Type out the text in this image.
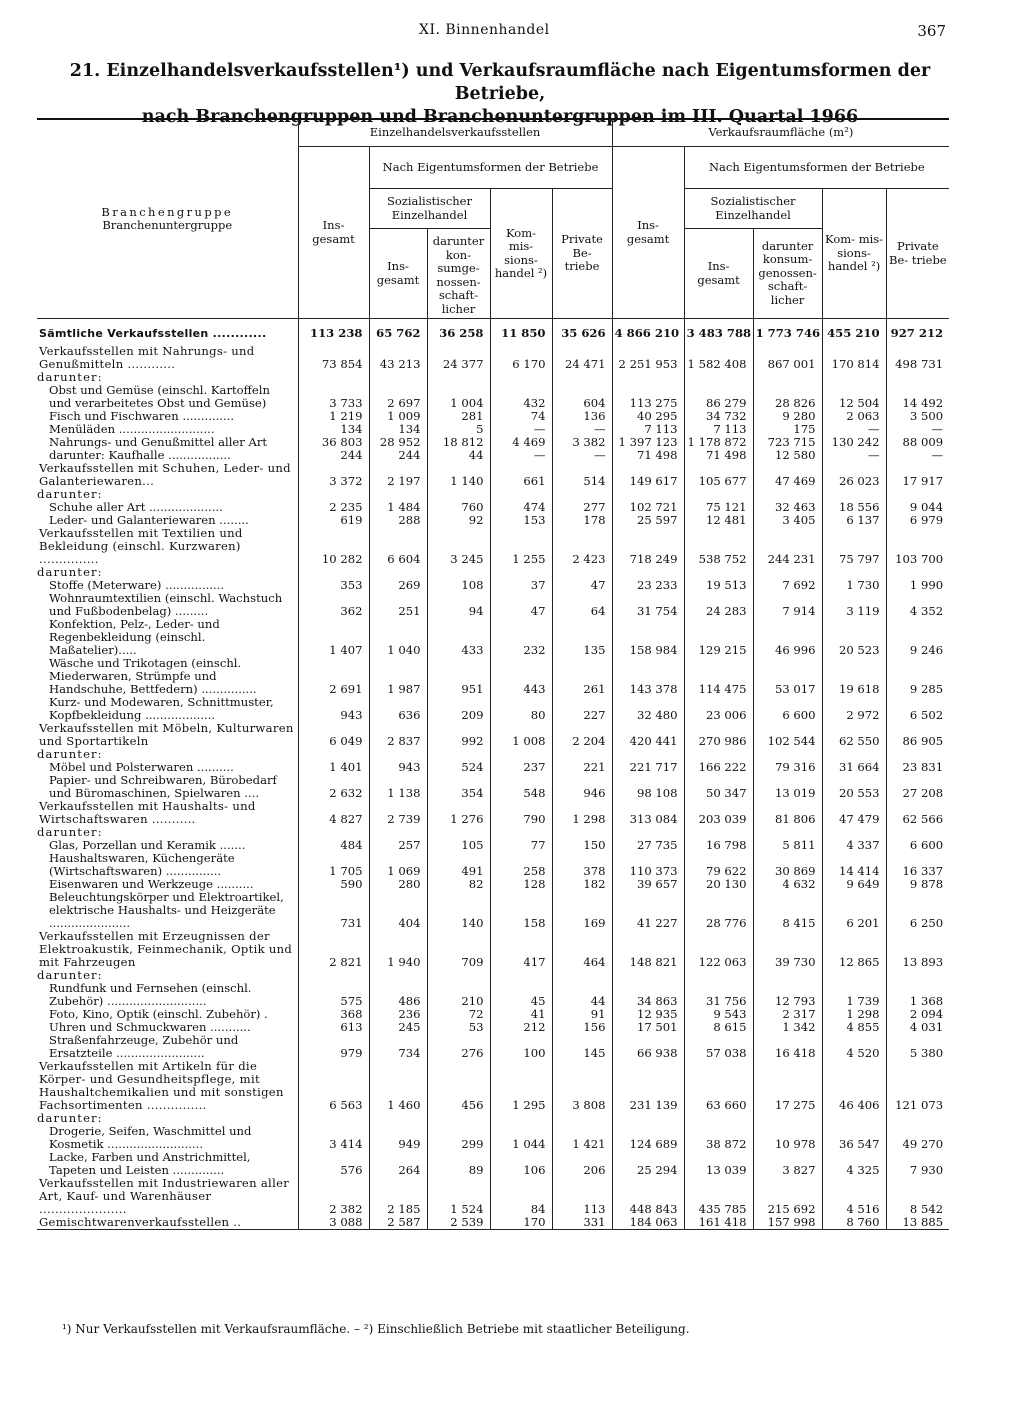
XI. Binnenhandel	367
21. Einzelhandelsverkaufsstellen¹) und Verkaufsraumfläche nach Eigentumsformen der Betriebe,
nach Branchengruppen und Branchenuntergruppen im III. Quartal 1966
Branchengruppe
Branchenuntergruppe	Einzelhandelsverkaufsstellen					Verkaufsraumfläche (m²)				
	Ins- gesamt	Nach Eigentumsformen der Betriebe				Ins- gesamt	Nach Eigentumsformen der Betriebe			
		Sozialistischer Einzelhandel		Kom- mis- sions- handel ²)	Private Be- triebe		Sozialistischer Einzelhandel		Kom- mis- sions- handel ²)	Private Be- triebe
		Ins- gesamt	darunter kon- sumge- nossen- schaft- licher				Ins- gesamt	darunter konsum- genossen- schaft- licher		
Sämtliche Verkaufsstellen ............	113 238	65 762	36 258	11 850	35 626	4 866 210	3 483 788	1 773 746	455 210	927 212
Verkaufsstellen mit Nahrungs- und Genußmitteln ............	73 854	43 213	24 377	6 170	24 471	2 251 953	1 582 408	867 001	170 814	498 731
darunter:										
Obst und Gemüse (einschl. Kartoffeln und verarbeitetes Obst und Gemüse)	3 733	2 697	1 004	432	604	113 275	86 279	28 826	12 504	14 492
Fisch und Fischwaren ..............	1 219	1 009	281	74	136	40 295	34 732	9 280	2 063	3 500
Menüläden ..........................	134	134	5	—	—	7 113	7 113	175	—	—
Nahrungs- und Genußmittel aller Art	36 803	28 952	18 812	4 469	3 382	1 397 123	1 178 872	723 715	130 242	88 009
darunter: Kaufhalle .................	244	244	44	—	—	71 498	71 498	12 580	—	—
Verkaufsstellen mit Schuhen, Leder- und Galanteriewaren...	3 372	2 197	1 140	661	514	149 617	105 677	47 469	26 023	17 917
darunter:										
Schuhe aller Art ....................	2 235	1 484	760	474	277	102 721	75 121	32 463	18 556	9 044
Leder- und Galanteriewaren ........	619	288	92	153	178	25 597	12 481	3 405	6 137	6 979
Verkaufsstellen mit Textilien und Bekleidung (einschl. Kurzwaren) ...............	10 282	6 604	3 245	1 255	2 423	718 249	538 752	244 231	75 797	103 700
darunter:										
Stoffe (Meterware) ................	353	269	108	37	47	23 233	19 513	7 692	1 730	1 990
Wohnraumtextilien (einschl. Wachstuch und Fußbodenbelag) .........	362	251	94	47	64	31 754	24 283	7 914	3 119	4 352
Konfektion, Pelz-, Leder- und Regenbekleidung (einschl. Maßatelier).....	1 407	1 040	433	232	135	158 984	129 215	46 996	20 523	9 246
Wäsche und Trikotagen (einschl. Miederwaren, Strümpfe und Handschuhe, Bettfedern) ...............	2 691	1 987	951	443	261	143 378	114 475	53 017	19 618	9 285
Kurz- und Modewaren, Schnittmuster, Kopfbekleidung ...................	943	636	209	80	227	32 480	23 006	6 600	2 972	6 502
Verkaufsstellen mit Möbeln, Kulturwaren und Sportartikeln	6 049	2 837	992	1 008	2 204	420 441	270 986	102 544	62 550	86 905
darunter:										
Möbel und Polsterwaren ..........	1 401	943	524	237	221	221 717	166 222	79 316	31 664	23 831
Papier- und Schreibwaren, Bürobedarf und Büromaschinen, Spielwaren ....	2 632	1 138	354	548	946	98 108	50 347	13 019	20 553	27 208
Verkaufsstellen mit Haushalts- und Wirtschaftswaren ...........	4 827	2 739	1 276	790	1 298	313 084	203 039	81 806	47 479	62 566
darunter:										
Glas, Porzellan und Keramik .......	484	257	105	77	150	27 735	16 798	5 811	4 337	6 600
Haushaltswaren, Küchengeräte (Wirtschaftswaren) ...............	1 705	1 069	491	258	378	110 373	79 622	30 869	14 414	16 337
Eisenwaren und Werkzeuge ..........	590	280	82	128	182	39 657	20 130	4 632	9 649	9 878
Beleuchtungskörper und Elektroartikel, elektrische Haushalts- und Heizgeräte ......................	731	404	140	158	169	41 227	28 776	8 415	6 201	6 250
Verkaufsstellen mit Erzeugnissen der Elektroakustik, Feinmechanik, Optik und mit Fahrzeugen	2 821	1 940	709	417	464	148 821	122 063	39 730	12 865	13 893
darunter:										
Rundfunk und Fernsehen (einschl. Zubehör) ...........................	575	486	210	45	44	34 863	31 756	12 793	1 739	1 368
Foto, Kino, Optik (einschl. Zubehör) .	368	236	72	41	91	12 935	9 543	2 317	1 298	2 094
Uhren und Schmuckwaren ...........	613	245	53	212	156	17 501	8 615	1 342	4 855	4 031
Straßenfahrzeuge, Zubehör und Ersatzteile ........................	979	734	276	100	145	66 938	57 038	16 418	4 520	5 380
Verkaufsstellen mit Artikeln für die Körper- und Gesundheitspflege, mit Haushaltchemikalien und mit sonstigen Fachsortimenten ...............	6 563	1 460	456	1 295	3 808	231 139	63 660	17 275	46 406	121 073
darunter:										
Drogerie, Seifen, Waschmittel und Kosmetik ..........................	3 414	949	299	1 044	1 421	124 689	38 872	10 978	36 547	49 270
Lacke, Farben und Anstrichmittel, Tapeten und Leisten ..............	576	264	89	106	206	25 294	13 039	3 827	4 325	7 930
Verkaufsstellen mit Industriewaren aller Art, Kauf- und Warenhäuser ......................	2 382	2 185	1 524	84	113	448 843	435 785	215 692	4 516	8 542
Gemischtwarenverkaufsstellen ..	3 088	2 587	2 539	170	331	184 063	161 418	157 998	8 760	13 885
¹) Nur Verkaufsstellen mit Verkaufsraumfläche. – ²) Einschließlich Betriebe mit staatlicher Beteiligung.
